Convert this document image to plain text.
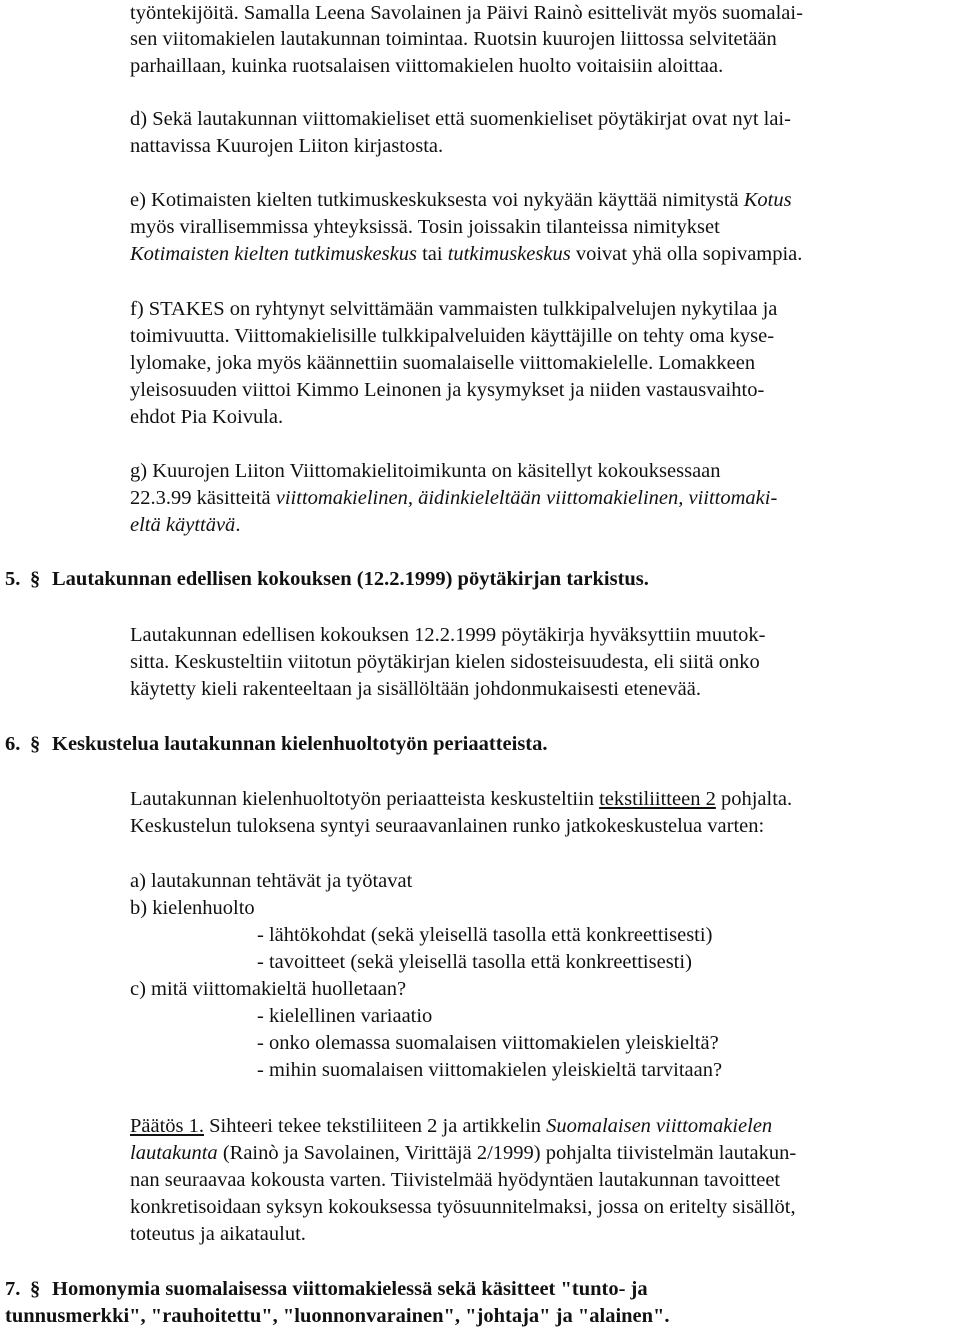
työntekijöitä. Samalla Leena Savolainen ja Päivi Rainò esittelivät myös suomalai-
sen viitomakielen lautakunnan toimintaa. Ruotsin kuurojen liittossa selvitetään
parhaillaan, kuinka ruotsalaisen viittomakielen huolto voitaisiin aloittaa.
d) Sekä lautakunnan viittomakieliset että suomenkieliset pöytäkirjat ovat nyt lai-
nattavissa Kuurojen Liiton kirjastosta.
e) Kotimaisten kielten tutkimuskeskuksesta voi nykyään käyttää nimitystä Kotus
myös virallisemmissa yhteyksissä. Tosin joissakin tilanteissa nimitykset
Kotimaisten kielten tutkimuskeskus tai tutkimuskeskus voivat yhä olla sopivampia.
f) STAKES on ryhtynyt selvittämään vammaisten tulkkipalvelujen nykytilaa ja
toimivuutta. Viittomakielisille tulkkipalveluiden käyttäjille on tehty oma kyse-
lylomake, joka myös käännettiin suomalaiselle viittomakielelle. Lomakkeen
yleisosuuden viittoi Kimmo Leinonen ja kysymykset ja niiden vastausvaihto-
ehdot Pia Koivula.
g) Kuurojen Liiton Viittomakielitoimikunta on käsitellyt kokouksessaan
22.3.99 käsitteitä viittomakielinen, äidinkieleltään viittomakielinen, viittomaki-
eltä käyttävä.
5. § Lautakunnan edellisen kokouksen (12.2.1999) pöytäkirjan tarkistus.
Lautakunnan edellisen kokouksen 12.2.1999 pöytäkirja hyväksyttiin muutok-
sitta. Keskusteltiin viitotun pöytäkirjan kielen sidosteisuudesta, eli siitä onko
käytetty kieli rakenteeltaan ja sisällöltään johdonmukaisesti etenevää.
6. § Keskustelua lautakunnan kielenhuoltotyön periaatteista.
Lautakunnan kielenhuoltotyön periaatteista keskusteltiin tekstiliitteen 2 pohjalta.
Keskustelun tuloksena syntyi seuraavanlainen runko jatkokeskustelua varten:
a) lautakunnan tehtävät ja työtavat
b) kielenhuolto
- lähtökohdat (sekä yleisellä tasolla että konkreettisesti)
- tavoitteet (sekä yleisellä tasolla että konkreettisesti)
c) mitä viittomakieltä huolletaan?
- kielellinen variaatio
- onko olemassa suomalaisen viittomakielen yleiskieltä?
- mihin suomalaisen viittomakielen yleiskieltä tarvitaan?
Päätös 1. Sihteeri tekee tekstiliiteen 2 ja artikkelin Suomalaisen viittomakielen
lautakunta (Rainò ja Savolainen, Virittäjä 2/1999) pohjalta tiivistelmän lautakun-
nan seuraavaa kokousta varten. Tiivistelmää hyödyntäen lautakunnan tavoitteet
konkretisoidaan syksyn kokouksessa työsuunnitelmaksi, jossa on eritelty sisällöt,
toteutus ja aikataulut.
7. § Homonymia suomalaisessa viittomakielessä sekä käsitteet "tunto- ja
tunnusmerkki", "rauhoitettu", "luonnonvarainen", "johtaja" ja "alainen".
